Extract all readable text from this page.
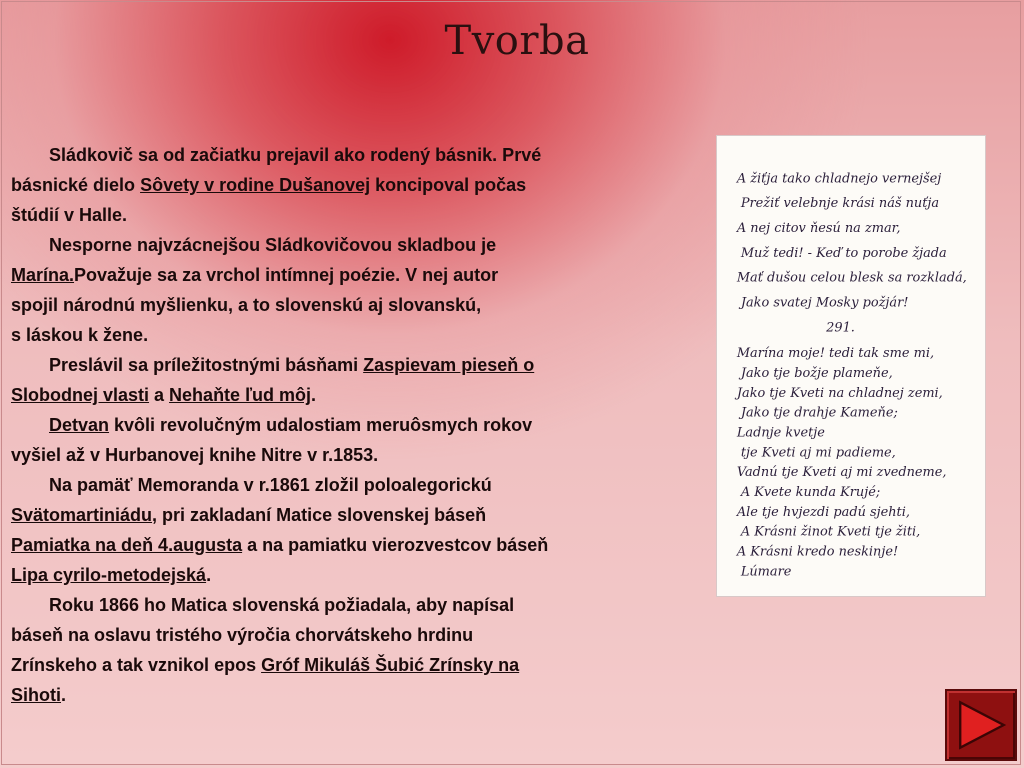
Tvorba

Sládkovič sa od začiatku prejavil ako rodený básnik. Prvé

básnické dielo Sôvety v rodine Dušanovej koncipoval počas

štúdií v Halle.

Nesporne najvzácnejšou Sládkovičovou skladbou je

Marína.Považuje sa za vrchol intímnej poézie. V nej autor

spojil národnú myšlienku, a to slovenskú aj slovanskú,

s láskou k žene.

Preslávil sa príležitostnými básňami Zaspievam pieseň o

Slobodnej vlasti a Nehaňte ľud môj.

Detvan kvôli revolučným udalostiam meruôsmych rokov

vyšiel až v Hurbanovej knihe Nitre v r.1853.

Na pamäť Memoranda v r.1861 zložil poloalegorickú

Svätomartiniádu, pri zakladaní Matice slovenskej báseň

Pamiatka na deň 4.augusta a na pamiatku vierozvestcov báseň

Lipa cyrilo-metodejská.

Roku 1866 ho Matica slovenská požiadala, aby napísal

báseň na oslavu tristého výročia chorvátskeho hrdinu

Zrínskeho a tak vznikol epos Gróf Mikuláš Šubić Zrínsky na

Sihoti.

A žiťja tako chladnejo vernejšej
Prežiť velebnje krási náš nuťja
A nej citov ňesú na zmar,
Muž tedi! - Keď to porobe žjada
Mať dušou celou blesk sa rozkladá,
Jako svatej Mosky požjár!
291.
Marína moje! tedi tak sme mi,
Jako tje božje plameňe,
Jako tje Kveti na chladnej zemi,
Jako tje drahje Kameňe;
Ladnje kvetje
tje Kveti aj mi padieme,
Vadnú tje Kveti aj mi zvedneme,
A Kvete kunda Krujé;
Ale tje hvjezdi padú sjehti,
A Krásni žinot Kveti tje žiti,
A Krásni kredo neskinje!
Lúmare
